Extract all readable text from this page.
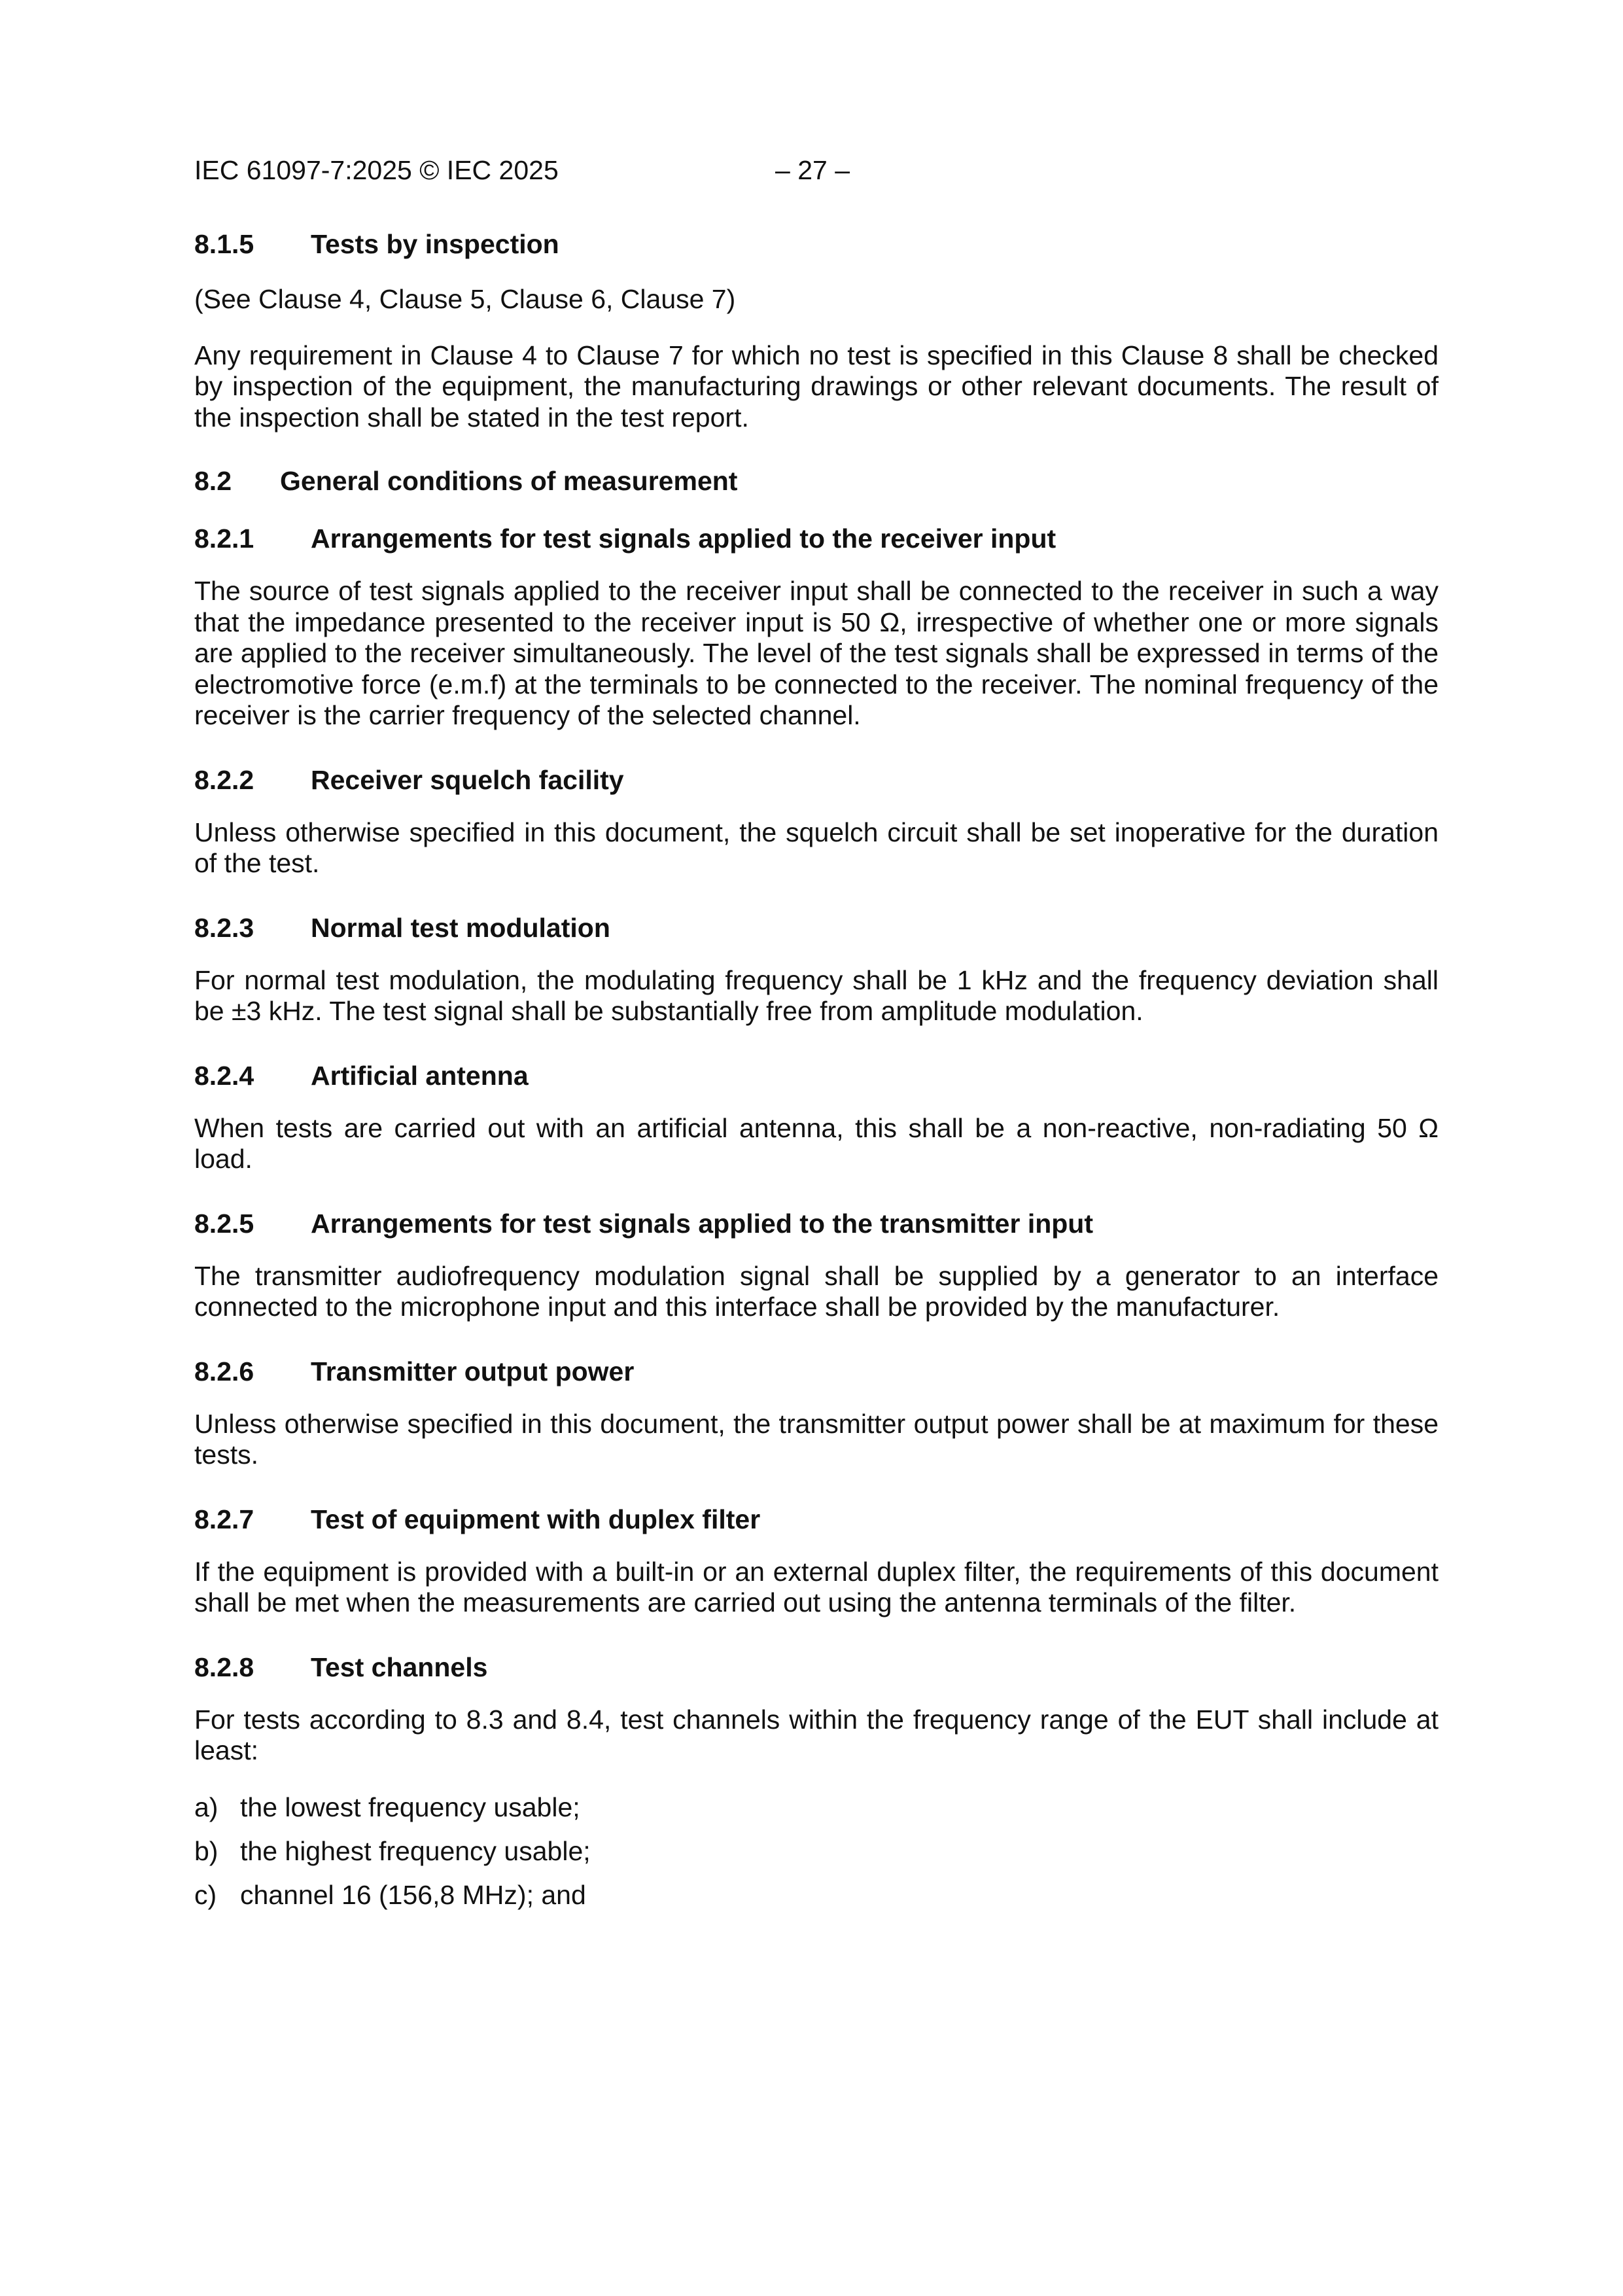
IEC 61097-7:2025 © IEC 2025	– 27 –
8.1.5	Tests by inspection

(See Clause 4, Clause 5, Clause 6, Clause 7)

Any requirement in Clause 4 to Clause 7 for which no test is specified in this Clause 8 shall be checked by inspection of the equipment, the manufacturing drawings or other relevant documents. The result of the inspection shall be stated in the test report.

8.2	General conditions of measurement
8.2.1	Arrangements for test signals applied to the receiver input

The source of test signals applied to the receiver input shall be connected to the receiver in such a way that the impedance presented to the receiver input is 50 Ω, irrespective of whether one or more signals are applied to the receiver simultaneously. The level of the test signals shall be expressed in terms of the electromotive force (e.m.f) at the terminals to be connected to the receiver. The nominal frequency of the receiver is the carrier frequency of the selected channel.

8.2.2	Receiver squelch facility

Unless otherwise specified in this document, the squelch circuit shall be set inoperative for the duration of the test.

8.2.3	Normal test modulation

For normal test modulation, the modulating frequency shall be 1 kHz and the frequency deviation shall be ±3 kHz. The test signal shall be substantially free from amplitude modulation.

8.2.4	Artificial antenna

When tests are carried out with an artificial antenna, this shall be a non-reactive, non-radiating 50 Ω load.

8.2.5	Arrangements for test signals applied to the transmitter input

The transmitter audiofrequency modulation signal shall be supplied by a generator to an interface connected to the microphone input and this interface shall be provided by the manufacturer.

8.2.6	Transmitter output power

Unless otherwise specified in this document, the transmitter output power shall be at maximum for these tests.

8.2.7	Test of equipment with duplex filter

If the equipment is provided with a built-in or an external duplex filter, the requirements of this document shall be met when the measurements are carried out using the antenna terminals of the filter.

8.2.8	Test channels

For tests according to 8.3 and 8.4, test channels within the frequency range of the EUT shall include at least:

a) the lowest frequency usable;
b) the highest frequency usable;
c) channel 16 (156,8 MHz); and
